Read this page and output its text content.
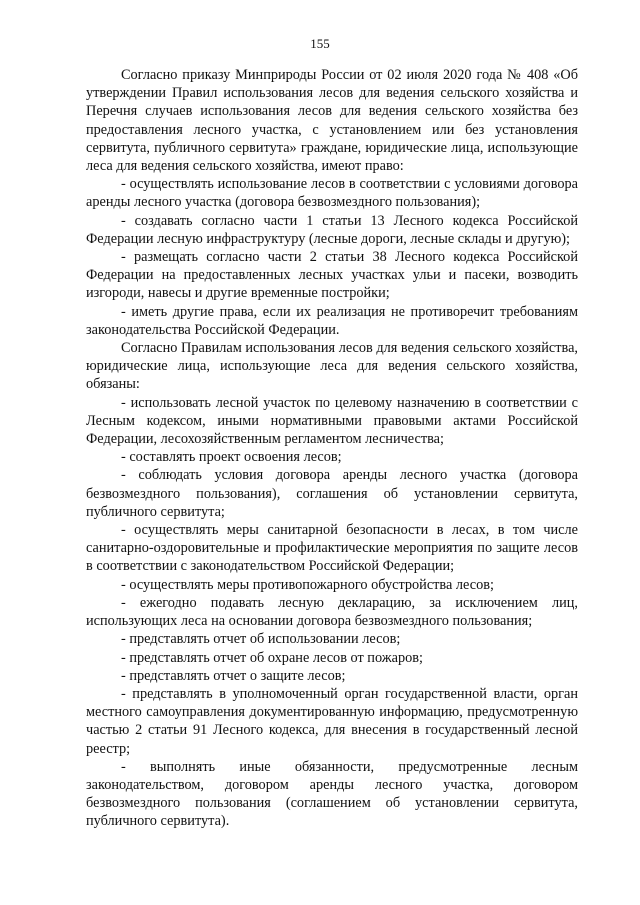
155

Согласно приказу Минприроды России от 02 июля 2020 года № 408 «Об утверждении Правил использования лесов для ведения сельского хозяйства и Перечня случаев использования лесов для ведения сельского хозяйства без предоставления лесного участка, с установлением или без установления сервитута, публичного сервитута» граждане, юридические лица, использующие леса для ведения сельского хозяйства, имеют право:

- осуществлять использование лесов в соответствии с условиями договора аренды лесного участка (договора безвозмездного пользования);

- создавать согласно части 1 статьи 13 Лесного кодекса Российской Федерации лесную инфраструктуру (лесные дороги, лесные склады и другую);

- размещать согласно части 2 статьи 38 Лесного кодекса Российской Федерации на предоставленных лесных участках ульи и пасеки, возводить изгороди, навесы и другие временные постройки;

- иметь другие права, если их реализация не противоречит требованиям законодательства Российской Федерации.

Согласно Правилам использования лесов для ведения сельского хозяйства, юридические лица, использующие леса для ведения сельского хозяйства, обязаны:

- использовать лесной участок по целевому назначению в соответствии с Лесным кодексом, иными нормативными правовыми актами Российской Федерации, лесохозяйственным регламентом лесничества;

- составлять проект освоения лесов;

- соблюдать условия договора аренды лесного участка (договора безвозмездного пользования), соглашения об установлении сервитута, публичного сервитута;

- осуществлять меры санитарной безопасности в лесах, в том числе санитарно-оздоровительные и профилактические мероприятия по защите лесов в соответствии с законодательством Российской Федерации;

- осуществлять меры противопожарного обустройства лесов;

- ежегодно подавать лесную декларацию, за исключением лиц, использующих леса на основании договора безвозмездного пользования;

- представлять отчет об использовании лесов;

- представлять отчет об охране лесов от пожаров;

- представлять отчет о защите лесов;

- представлять в уполномоченный орган государственной власти, орган местного самоуправления документированную информацию, предусмотренную частью 2 статьи 91 Лесного кодекса, для внесения в государственный лесной реестр;

- выполнять иные обязанности, предусмотренные лесным законодательством, договором аренды лесного участка, договором безвозмездного пользования (соглашением об установлении сервитута, публичного сервитута).
